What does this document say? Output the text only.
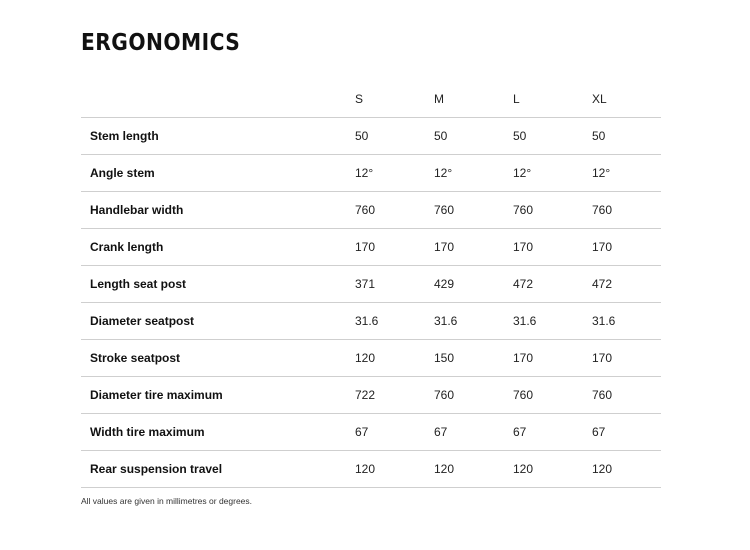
ERGONOMICS
	S	M	L	XL
Stem length	50	50	50	50
Angle stem	12°	12°	12°	12°
Handlebar width	760	760	760	760
Crank length	170	170	170	170
Length seat post	371	429	472	472
Diameter seatpost	31.6	31.6	31.6	31.6
Stroke seatpost	120	150	170	170
Diameter tire maximum	722	760	760	760
Width tire maximum	67	67	67	67
Rear suspension travel	120	120	120	120

All values are given in millimetres or degrees.
